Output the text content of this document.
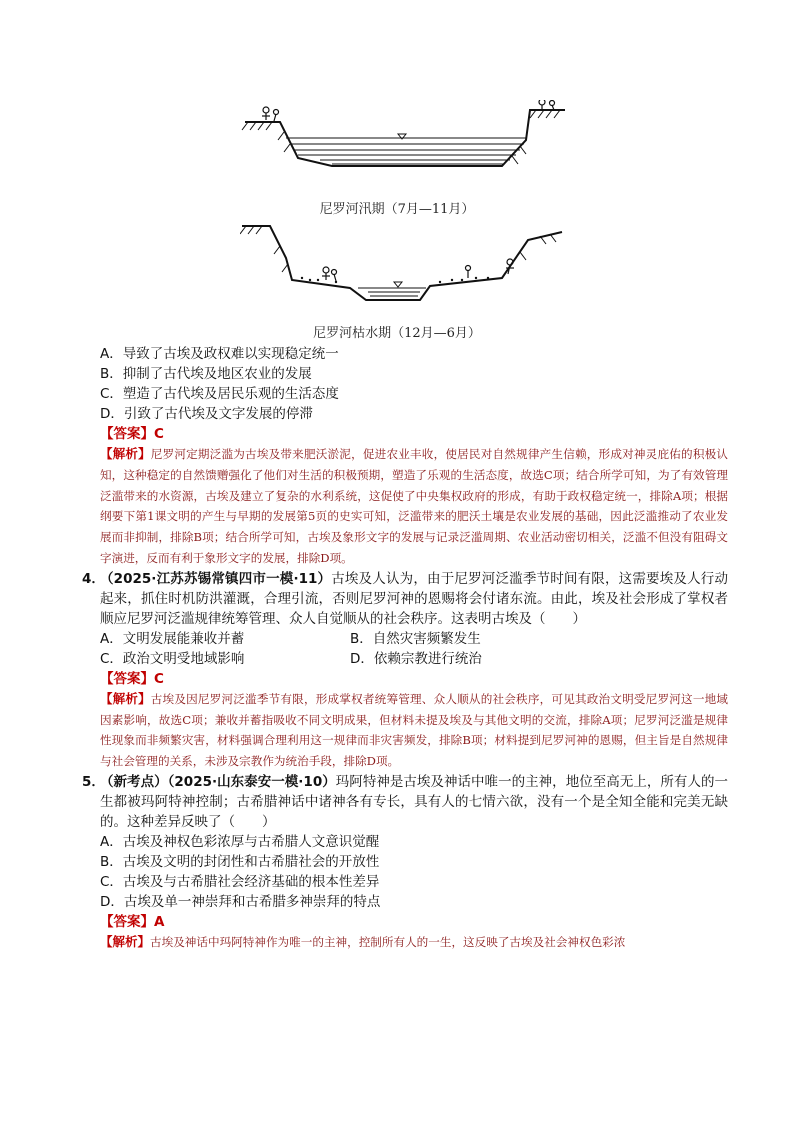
尼罗河汛期（7月—11月）
尼罗河枯水期（12月—6月）
A．导致了古埃及政权难以实现稳定统一
B．抑制了古代埃及地区农业的发展
C．塑造了古代埃及居民乐观的生活态度
D．引致了古代埃及文字发展的停滞
【答案】C
【解析】尼罗河定期泛滥为古埃及带来肥沃淤泥，促进农业丰收，使居民对自然规律产生信赖，形成对神灵庇佑的积极认知，这种稳定的自然馈赠强化了他们对生活的积极预期，塑造了乐观的生活态度，故选C项；结合所学可知，为了有效管理泛滥带来的水资源，古埃及建立了复杂的水利系统，这促使了中央集权政府的形成，有助于政权稳定统一，排除A项；根据纲要下第1课文明的产生与早期的发展第5页的史实可知，泛滥带来的肥沃土壤是农业发展的基础，因此泛滥推动了农业发展而非抑制，排除B项；结合所学可知，古埃及象形文字的发展与记录泛滥周期、农业活动密切相关，泛滥不但没有阻碍文字演进，反而有利于象形文字的发展，排除D项。
4．
（2025·江苏苏锡常镇四市一模·11）古埃及人认为，由于尼罗河泛滥季节时间有限，这需要埃及人行动起来，抓住时机防洪灌溉，合理引流，否则尼罗河神的恩赐将会付诸东流。由此，埃及社会形成了掌权者顺应尼罗河泛滥规律统筹管理、众人自觉顺从的社会秩序。这表明古埃及（　　）
A．文明发展能兼收并蓄	B．自然灾害频繁发生
C．政治文明受地域影响	D．依赖宗教进行统治
【答案】C
【解析】古埃及因尼罗河泛滥季节有限，形成掌权者统筹管理、众人顺从的社会秩序，可见其政治文明受尼罗河这一地域因素影响，故选C项；兼收并蓄指吸收不同文明成果，但材料未提及埃及与其他文明的交流，排除A项；尼罗河泛滥是规律性现象而非频繁灾害，材料强调合理利用这一规律而非灾害频发，排除B项；材料提到尼罗河神的恩赐，但主旨是自然规律与社会管理的关系，未涉及宗教作为统治手段，排除D项。
5．
（新考点）（2025·山东泰安一模·10）玛阿特神是古埃及神话中唯一的主神，地位至高无上，所有人的一生都被玛阿特神控制；古希腊神话中诸神各有专长，具有人的七情六欲，没有一个是全知全能和完美无缺的。这种差异反映了（　　）
A．古埃及神权色彩浓厚与古希腊人文意识觉醒
B．古埃及文明的封闭性和古希腊社会的开放性
C．古埃及与古希腊社会经济基础的根本性差异
D．古埃及单一神崇拜和古希腊多神崇拜的特点
【答案】A
【解析】古埃及神话中玛阿特神作为唯一的主神，控制所有人的一生，这反映了古埃及社会神权色彩浓
